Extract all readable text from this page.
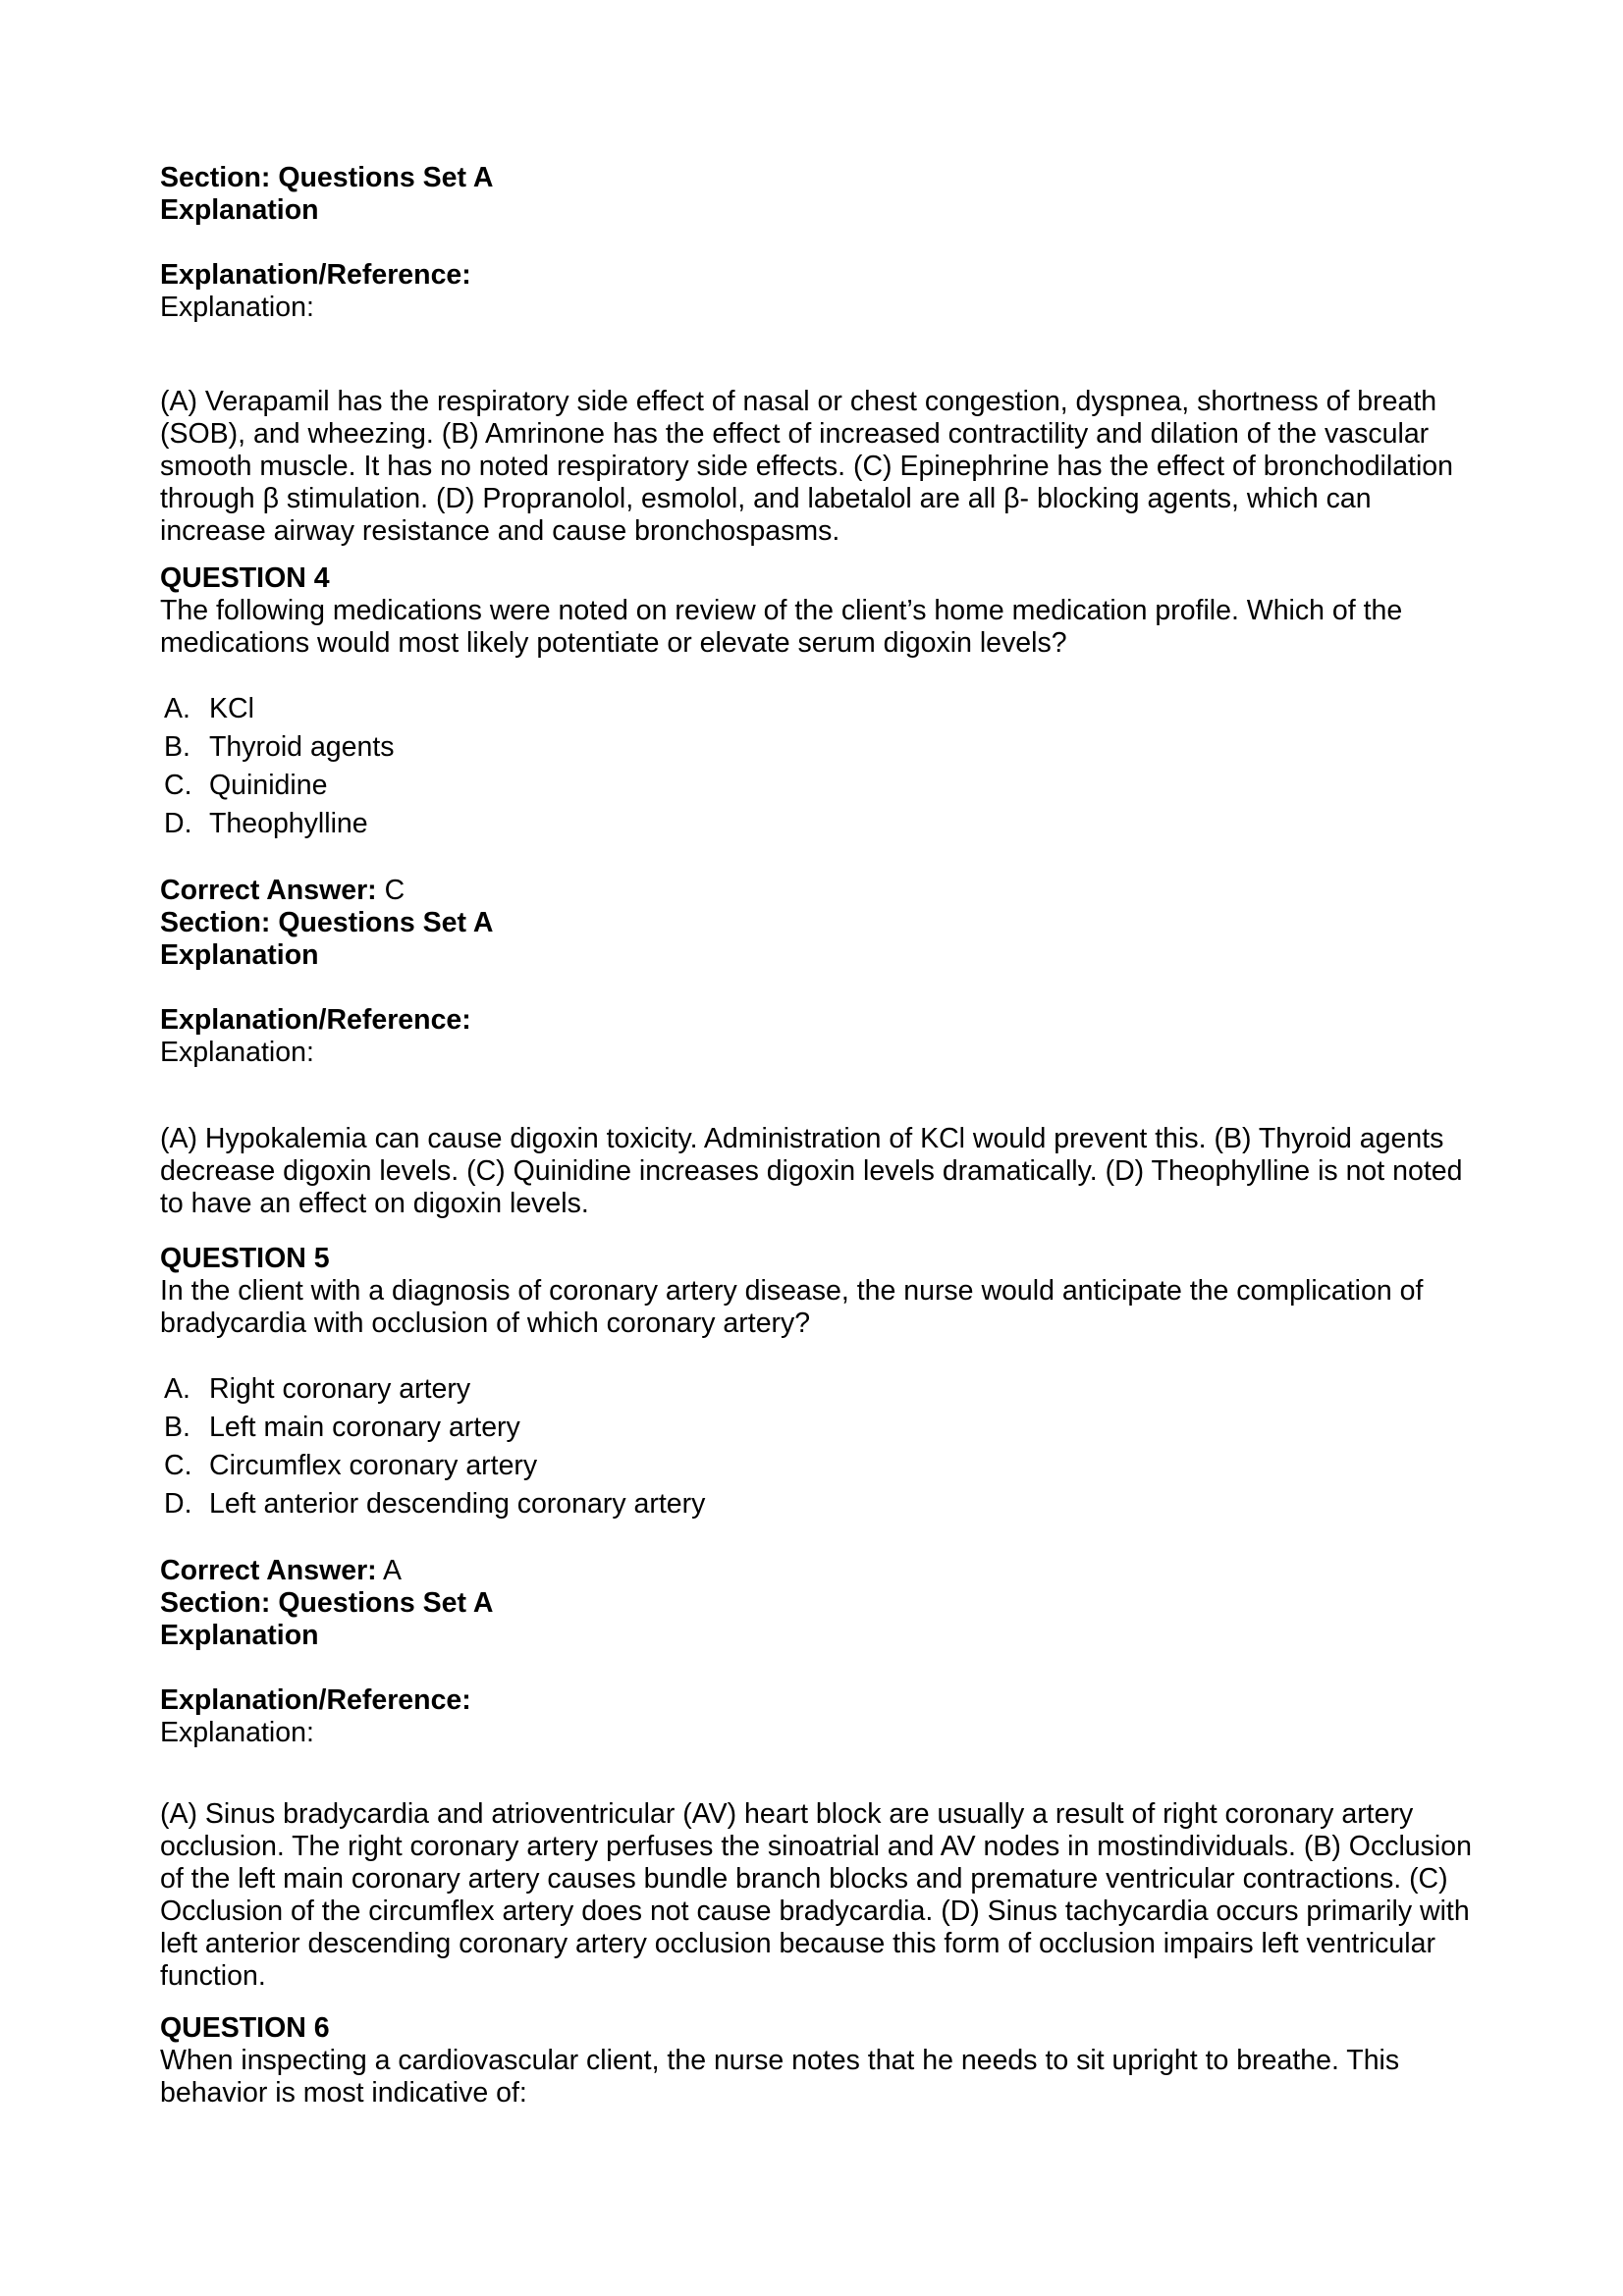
Section: Questions Set A
Explanation
Explanation/Reference:
Explanation:
(A) Verapamil has the respiratory side effect of nasal or chest congestion, dyspnea, shortness of breath (SOB), and wheezing. (B) Amrinone has the effect of increased contractility and dilation of the vascular smooth muscle. It has no noted respiratory side effects. (C) Epinephrine has the effect of bronchodilation through β stimulation. (D) Propranolol, esmolol, and labetalol are all β- blocking agents, which can increase airway resistance and cause bronchospasms.
QUESTION 4
The following medications were noted on review of the client’s home medication profile. Which of the medications would most likely potentiate or elevate serum digoxin levels?
A. KCl
B. Thyroid agents
C. Quinidine
D. Theophylline
Correct Answer: C
Section: Questions Set A
Explanation
Explanation/Reference:
Explanation:
(A) Hypokalemia can cause digoxin toxicity. Administration of KCl would prevent this. (B) Thyroid agents decrease digoxin levels. (C) Quinidine increases digoxin levels dramatically. (D) Theophylline is not noted to have an effect on digoxin levels.
QUESTION 5
In the client with a diagnosis of coronary artery disease, the nurse would anticipate the complication of bradycardia with occlusion of which coronary artery?
A. Right coronary artery
B. Left main coronary artery
C. Circumflex coronary artery
D. Left anterior descending coronary artery
Correct Answer: A
Section: Questions Set A
Explanation
Explanation/Reference:
Explanation:
(A) Sinus bradycardia and atrioventricular (AV) heart block are usually a result of right coronary artery occlusion. The right coronary artery perfuses the sinoatrial and AV nodes in mostindividuals. (B) Occlusion of the left main coronary artery causes bundle branch blocks and premature ventricular contractions. (C) Occlusion of the circumflex artery does not cause bradycardia. (D) Sinus tachycardia occurs primarily with left anterior descending coronary artery occlusion because this form of occlusion impairs left ventricular function.
QUESTION 6
When inspecting a cardiovascular client, the nurse notes that he needs to sit upright to breathe. This behavior is most indicative of:
